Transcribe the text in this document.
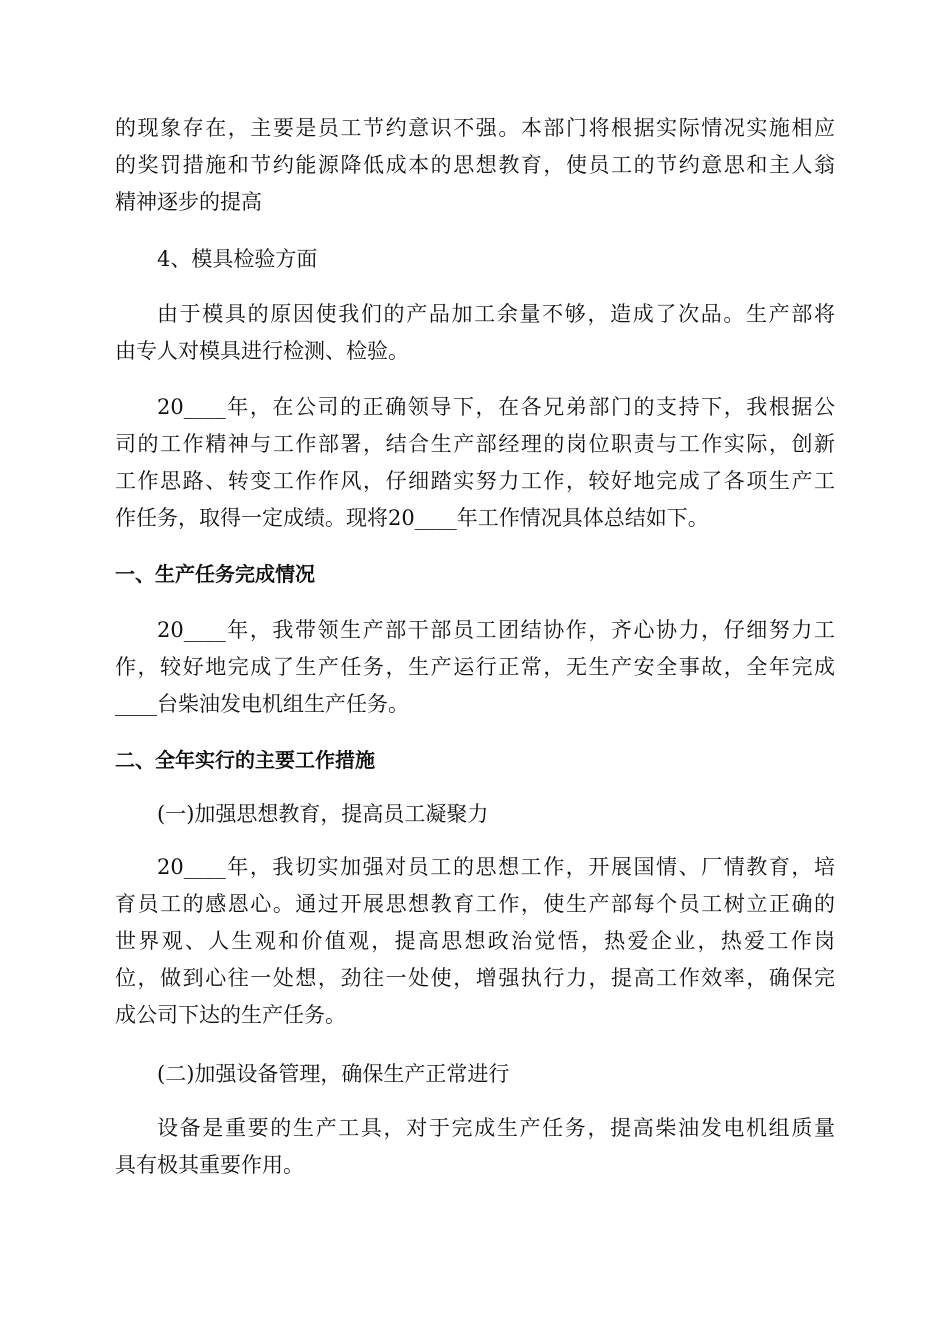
的现象存在，主要是员工节约意识不强。本部门将根据实际情况实施相应
的奖罚措施和节约能源降低成本的思想教育，使员工的节约意思和主人翁
精神逐步的提高

4、模具检验方面

由于模具的原因使我们的产品加工余量不够，造成了次品。生产部将
由专人对模具进行检测、检验。

20____年，在公司的正确领导下，在各兄弟部门的支持下，我根据公
司的工作精神与工作部署，结合生产部经理的岗位职责与工作实际，创新
工作思路、转变工作作风，仔细踏实努力工作，较好地完成了各项生产工
作任务，取得一定成绩。现将20____年工作情况具体总结如下。

一、生产任务完成情况

20____年，我带领生产部干部员工团结协作，齐心协力，仔细努力工
作，较好地完成了生产任务，生产运行正常，无生产安全事故，全年完成
____台柴油发电机组生产任务。

二、全年实行的主要工作措施

(一)加强思想教育，提高员工凝聚力

20____年，我切实加强对员工的思想工作，开展国情、厂情教育，培
育员工的感恩心。通过开展思想教育工作，使生产部每个员工树立正确的
世界观、人生观和价值观，提高思想政治觉悟，热爱企业，热爱工作岗
位，做到心往一处想，劲往一处使，增强执行力，提高工作效率，确保完
成公司下达的生产任务。

(二)加强设备管理，确保生产正常进行

设备是重要的生产工具，对于完成生产任务，提高柴油发电机组质量
具有极其重要作用。
